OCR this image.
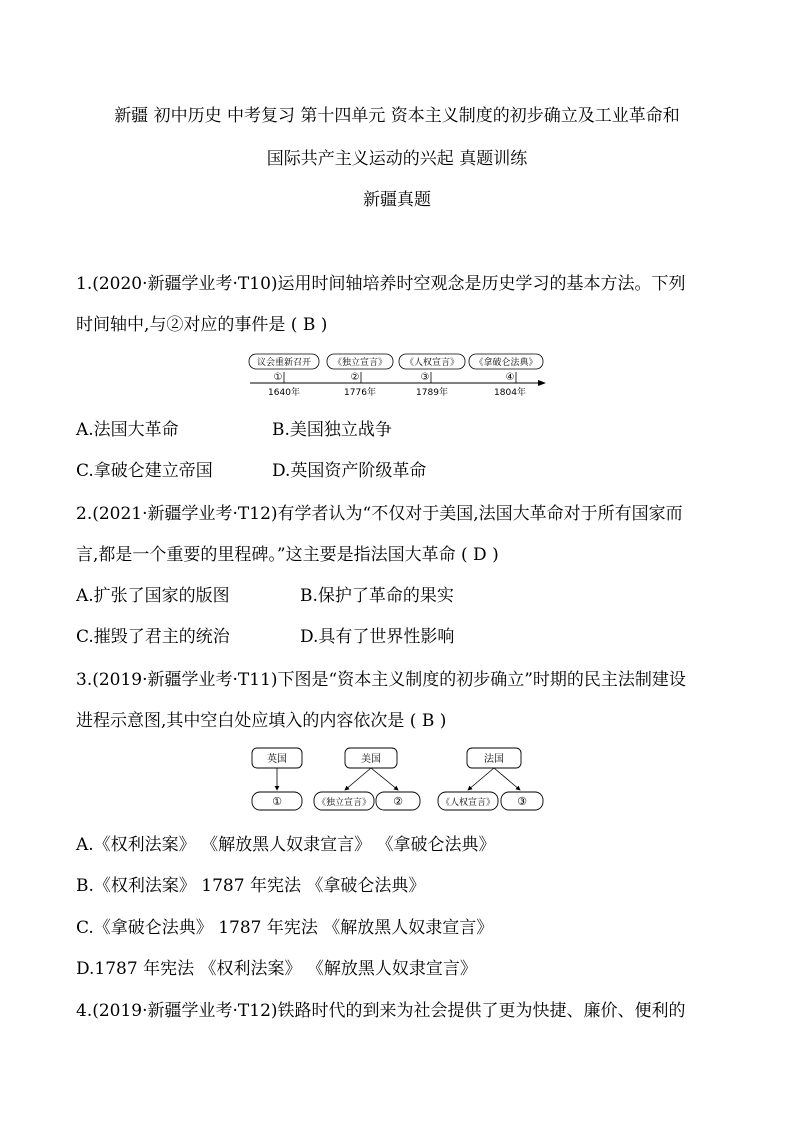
新疆 初中历史 中考复习 第十四单元 资本主义制度的初步确立及工业革命和
国际共产主义运动的兴起 真题训练
新疆真题
1.(2020·新疆学业考·T10)运用时间轴培养时空观念是历史学习的基本方法。下列
时间轴中,与②对应的事件是 ( B )
议会重新召开 《独立宣言》 《人权宣言》 《拿破仑法典》
①	②	③	④
1640年	1776年	1789年	1804年
A.法国大革命	B.美国独立战争
C.拿破仑建立帝国	D.英国资产阶级革命
2.(2021·新疆学业考·T12)有学者认为“不仅对于美国,法国大革命对于所有国家而
言,都是一个重要的里程碑。”这主要是指法国大革命 ( D )
A.扩张了国家的版图	B.保护了革命的果实
C.摧毁了君主的统治	D.具有了世界性影响
3.(2019·新疆学业考·T11)下图是“资本主义制度的初步确立”时期的民主法制建设
进程示意图,其中空白处应填入的内容依次是 ( B )
英国
①
美国
《独立宣言》 ②
法国
《人权宣言》 ③
A.《权利法案》 《解放黑人奴隶宣言》 《拿破仑法典》
B.《权利法案》 1787 年宪法 《拿破仑法典》
C.《拿破仑法典》 1787 年宪法 《解放黑人奴隶宣言》
D.1787 年宪法 《权利法案》 《解放黑人奴隶宣言》
4.(2019·新疆学业考·T12)铁路时代的到来为社会提供了更为快捷、廉价、便利的
